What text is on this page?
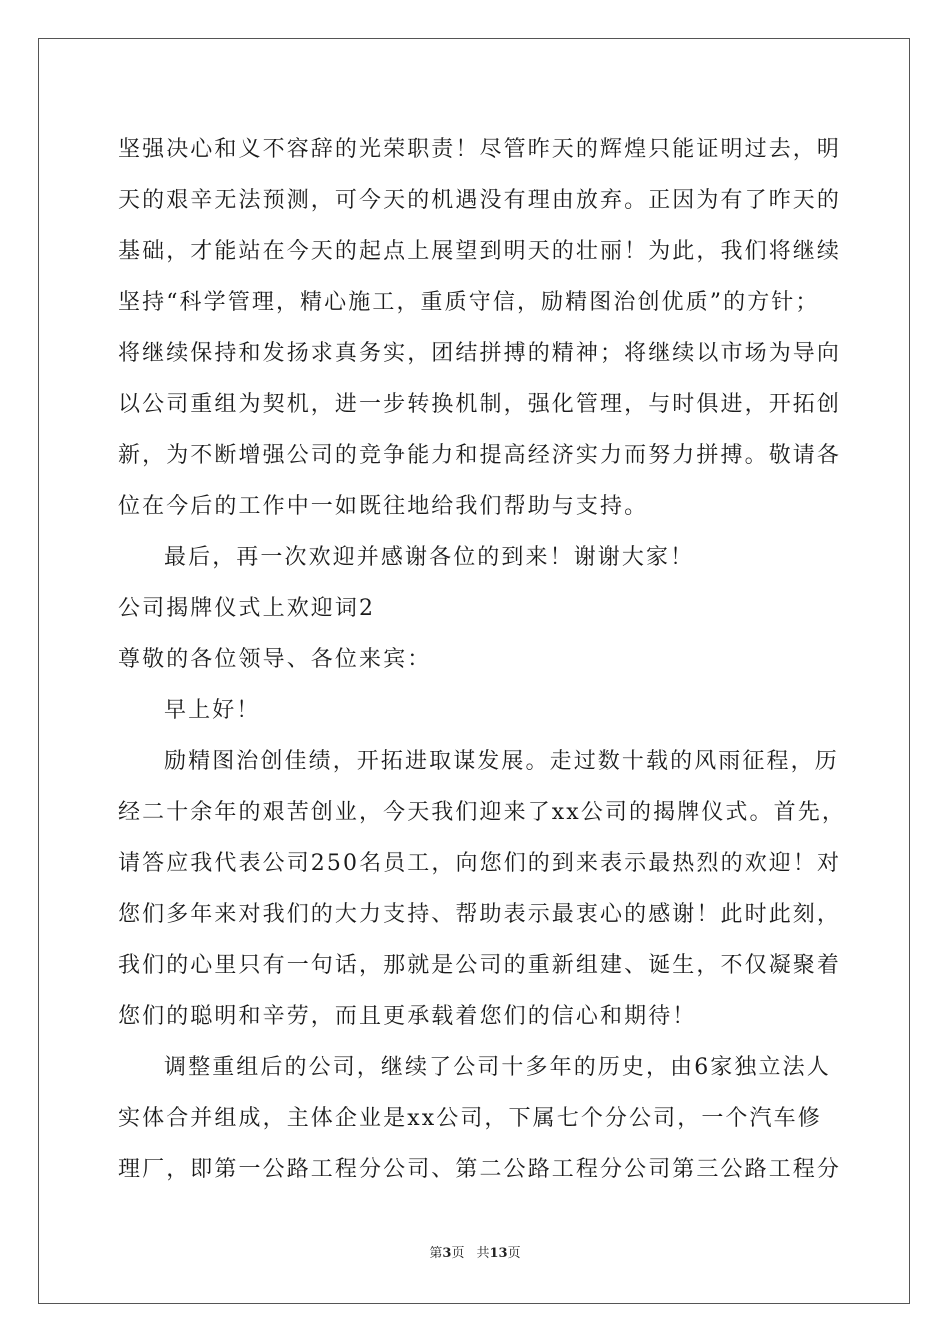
坚强决心和义不容辞的光荣职责！尽管昨天的辉煌只能证明过去，明
天的艰辛无法预测，可今天的机遇没有理由放弃。正因为有了昨天的
基础，才能站在今天的起点上展望到明天的壮丽！为此，我们将继续
坚持“科学管理，精心施工，重质守信，励精图治创优质”的方针；
将继续保持和发扬求真务实，团结拼搏的精神；将继续以市场为导向
以公司重组为契机，进一步转换机制，强化管理，与时俱进，开拓创
新，为不断增强公司的竞争能力和提高经济实力而努力拼搏。敬请各
位在今后的工作中一如既往地给我们帮助与支持。
最后，再一次欢迎并感谢各位的到来！谢谢大家！
公司揭牌仪式上欢迎词2
尊敬的各位领导、各位来宾：
早上好！
励精图治创佳绩，开拓进取谋发展。走过数十载的风雨征程，历
经二十余年的艰苦创业，今天我们迎来了xx公司的揭牌仪式。首先，
请答应我代表公司250名员工，向您们的到来表示最热烈的欢迎！对
您们多年来对我们的大力支持、帮助表示最衷心的感谢！此时此刻，
我们的心里只有一句话，那就是公司的重新组建、诞生，不仅凝聚着
您们的聪明和辛劳，而且更承载着您们的信心和期待！
调整重组后的公司，继续了公司十多年的历史，由6家独立法人
实体合并组成，主体企业是xx公司，下属七个分公司，一个汽车修
理厂，即第一公路工程分公司、第二公路工程分公司第三公路工程分
第3页 共13页
